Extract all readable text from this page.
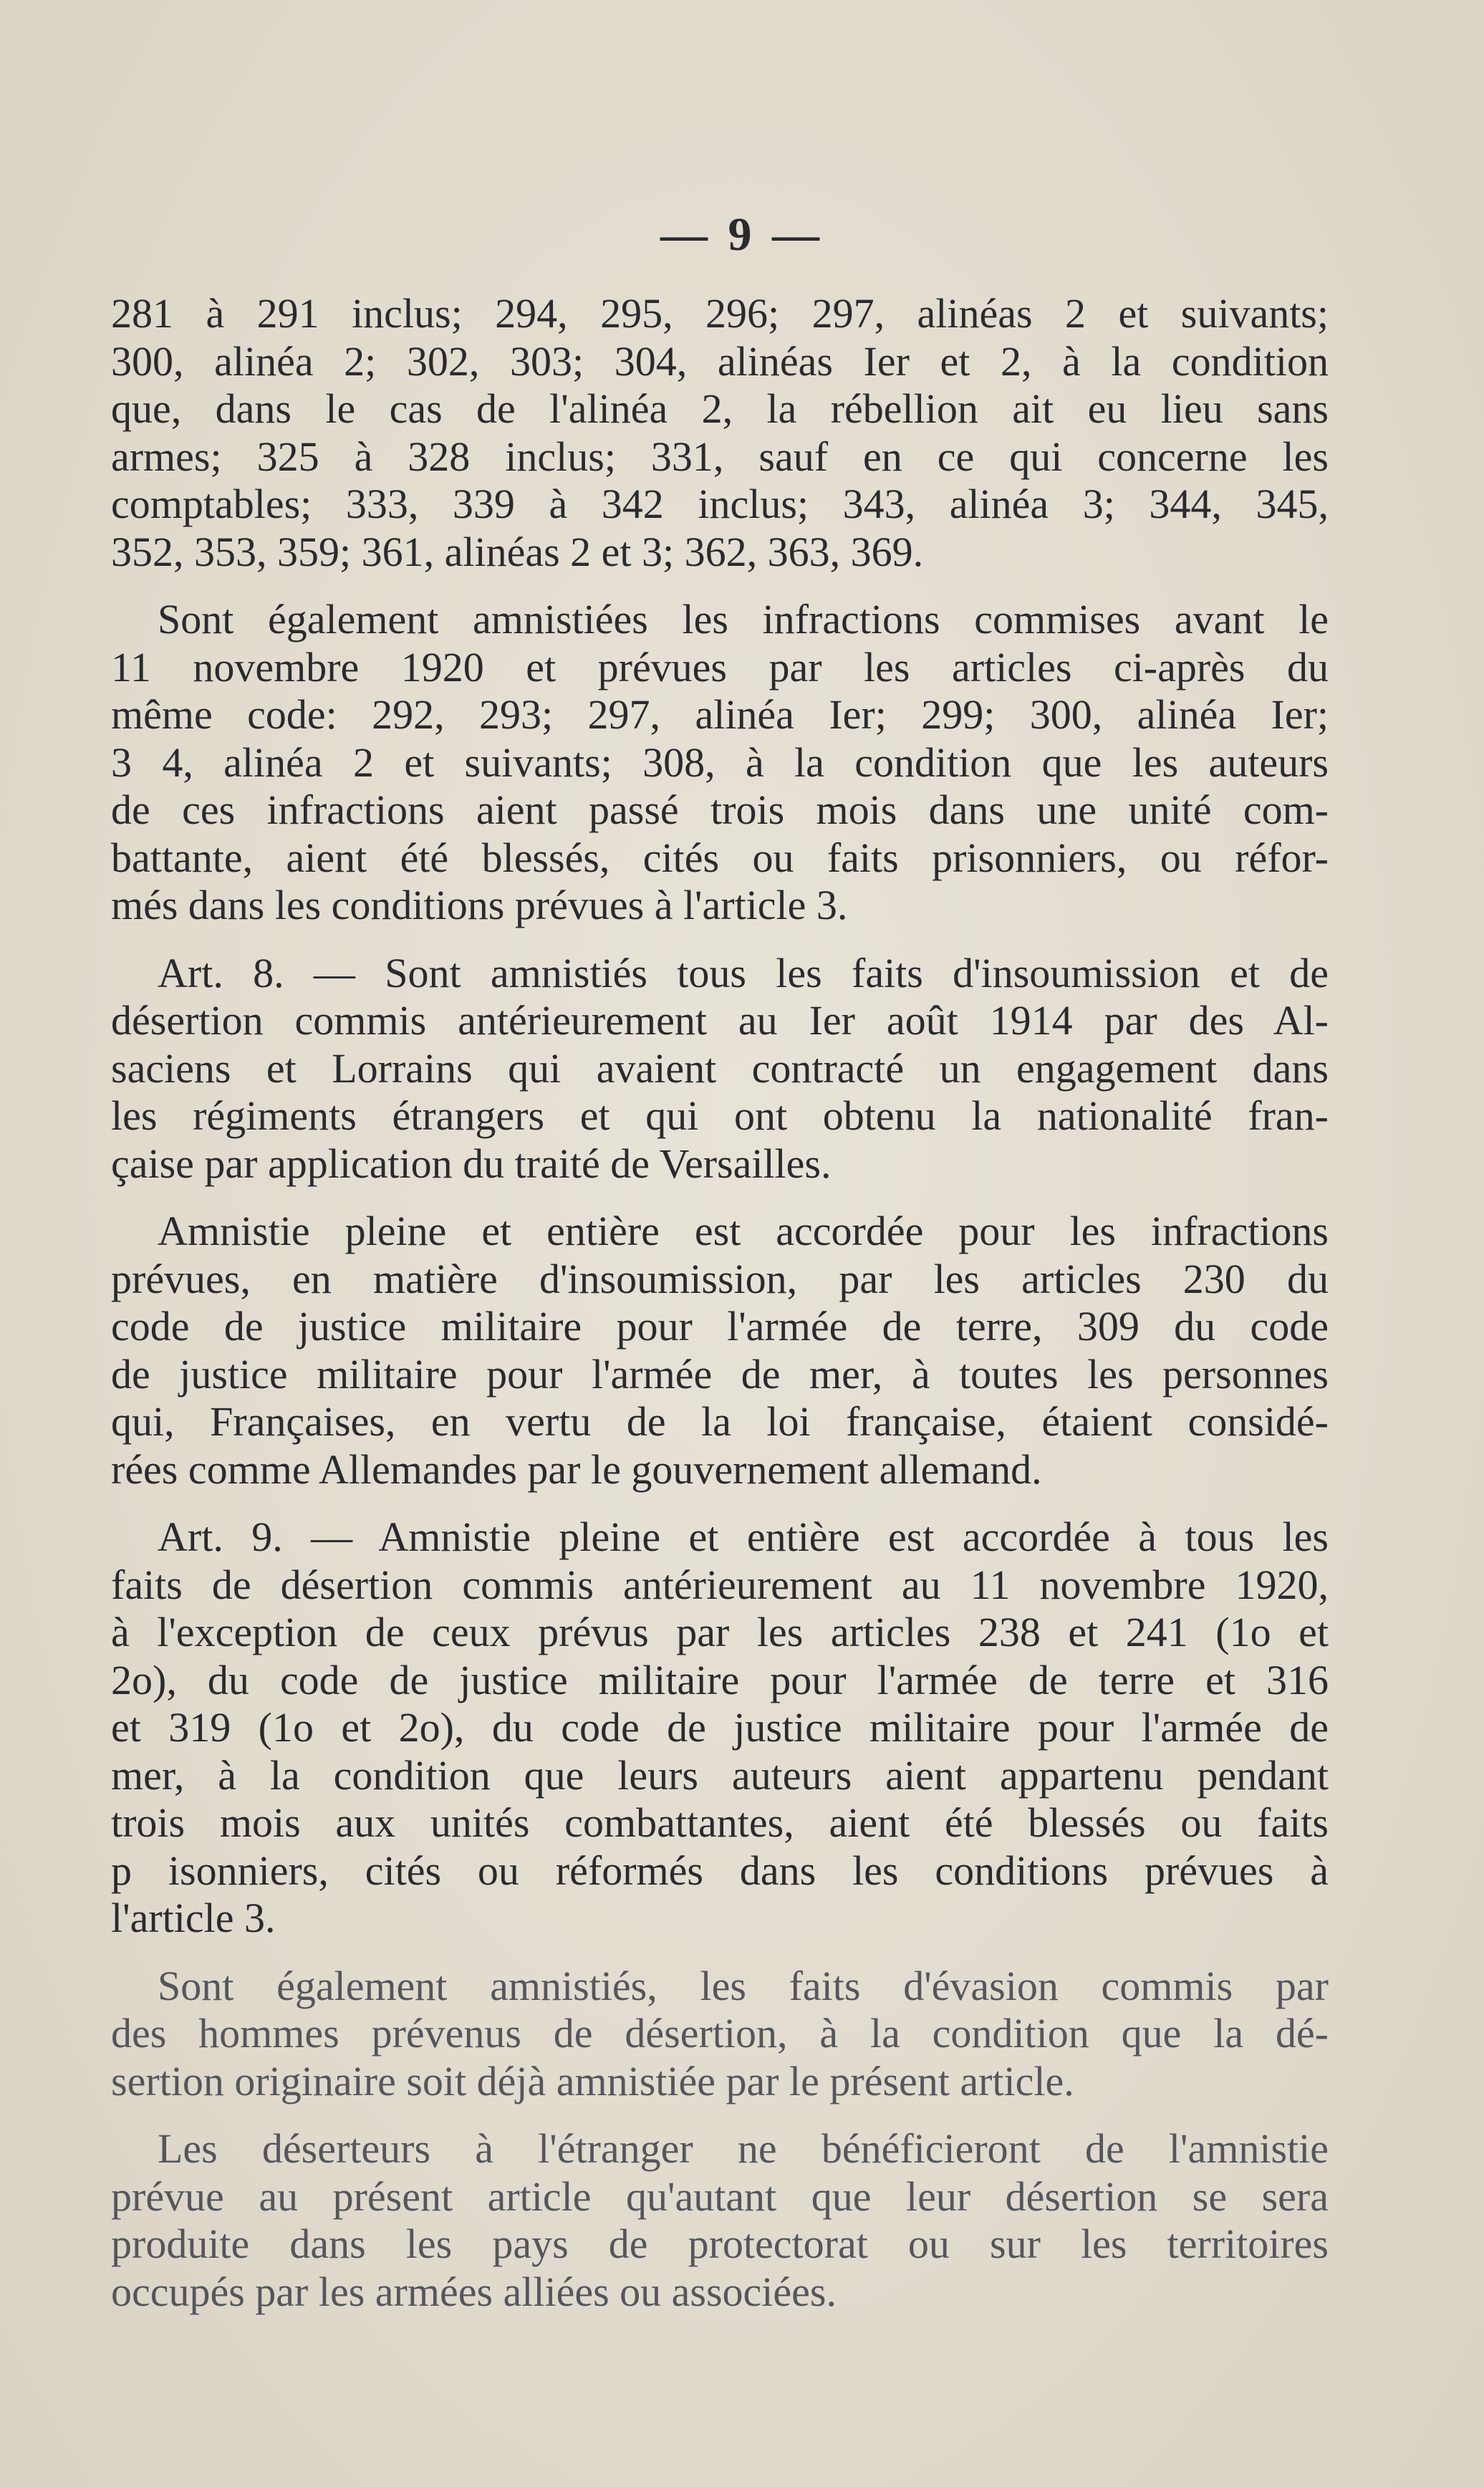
— 9 —
281 à 291 inclus; 294, 295, 296; 297, alinéas 2 et suivants;
300, alinéa 2; 302, 303; 304, alinéas Ier et 2, à la condition
que, dans le cas de l'alinéa 2, la rébellion ait eu lieu sans
armes; 325 à 328 inclus; 331, sauf en ce qui concerne les
comptables; 333, 339 à 342 inclus; 343, alinéa 3; 344, 345,
352, 353, 359; 361, alinéas 2 et 3; 362, 363, 369.
Sont également amnistiées les infractions commises avant le
11 novembre 1920 et prévues par les articles ci-après du
même code: 292, 293; 297, alinéa Ier; 299; 300, alinéa Ier;
3 4, alinéa 2 et suivants; 308, à la condition que les auteurs
de ces infractions aient passé trois mois dans une unité com-
battante, aient été blessés, cités ou faits prisonniers, ou réfor-
més dans les conditions prévues à l'article 3.
Art. 8. — Sont amnistiés tous les faits d'insoumission et de
désertion commis antérieurement au Ier août 1914 par des Al-
saciens et Lorrains qui avaient contracté un engagement dans
les régiments étrangers et qui ont obtenu la nationalité fran-
çaise par application du traité de Versailles.
Amnistie pleine et entière est accordée pour les infractions
prévues, en matière d'insoumission, par les articles 230 du
code de justice militaire pour l'armée de terre, 309 du code
de justice militaire pour l'armée de mer, à toutes les personnes
qui, Françaises, en vertu de la loi française, étaient considé-
rées comme Allemandes par le gouvernement allemand.
Art. 9. — Amnistie pleine et entière est accordée à tous les
faits de désertion commis antérieurement au 11 novembre 1920,
à l'exception de ceux prévus par les articles 238 et 241 (1o et
2o), du code de justice militaire pour l'armée de terre et 316
et 319 (1o et 2o), du code de justice militaire pour l'armée de
mer, à la condition que leurs auteurs aient appartenu pendant
trois mois aux unités combattantes, aient été blessés ou faits
p isonniers, cités ou réformés dans les conditions prévues à
l'article 3.
Sont également amnistiés, les faits d'évasion commis par
des hommes prévenus de désertion, à la condition que la dé-
sertion originaire soit déjà amnistiée par le présent article.
Les déserteurs à l'étranger ne bénéficieront de l'amnistie
prévue au présent article qu'autant que leur désertion se sera
produite dans les pays de protectorat ou sur les territoires
occupés par les armées alliées ou associées.
